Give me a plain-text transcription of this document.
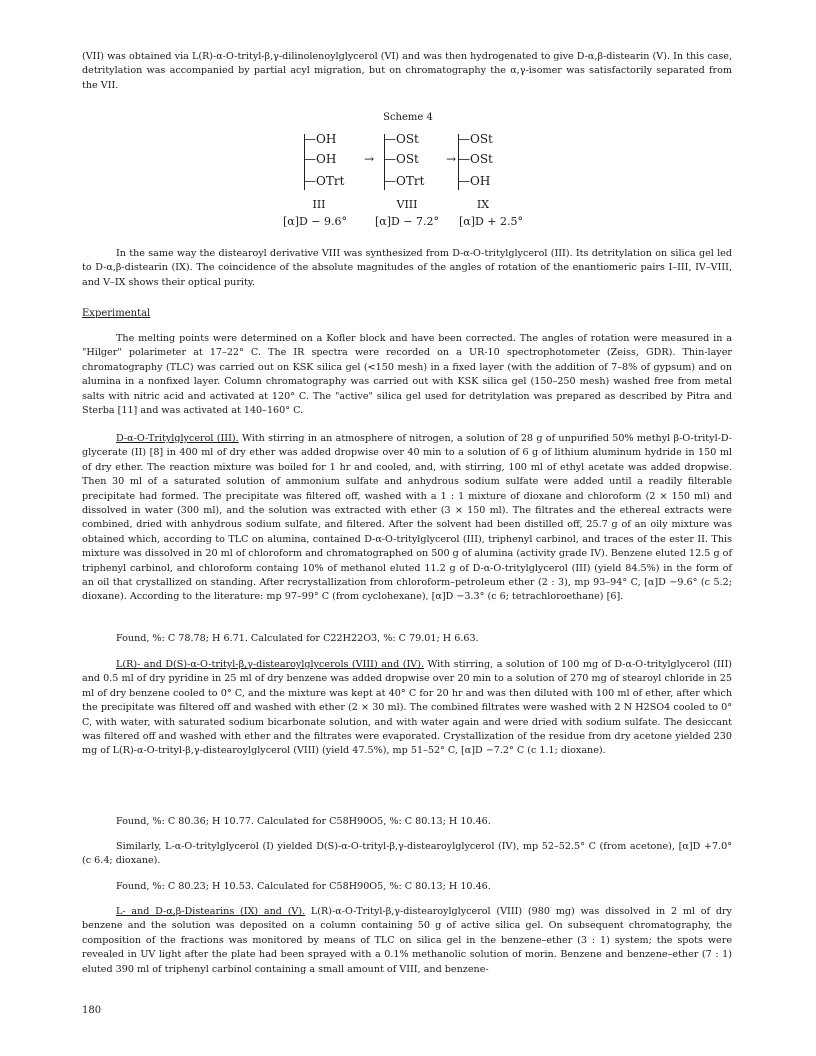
(VII) was obtained via L(R)-α-O-trityl-β,γ-dilinolenoylglycerol (VI) and was then hydrogenated to give D-α,β-distearin (V). In this case, detritylation was accompanied by partial acyl migration, but on chromatography the α,γ-isomer was satisfactorily separated from the VII.

Scheme 4
—OH
—OH
—OTrt
→
—OSt
—OSt
—OTrt
→
—OSt
—OSt
—OH
III	VIII	IX
[α]D − 9.6°	[α]D − 7.2°	[α]D + 2.5°

In the same way the distearoyl derivative VIII was synthesized from D-α-O-tritylglycerol (III). Its detritylation on silica gel led to D-α,β-distearin (IX). The coincidence of the absolute magnitudes of the angles of rotation of the enantiomeric pairs I–III, IV–VIII, and V–IX shows their optical purity.

Experimental

The melting points were determined on a Kofler block and have been corrected. The angles of rotation were measured in a "Hilger" polarimeter at 17–22° C. The IR spectra were recorded on a UR-10 spectrophotometer (Zeiss, GDR). Thin-layer chromatography (TLC) was carried out on KSK silica gel (<150 mesh) in a fixed layer (with the addition of 7–8% of gypsum) and on alumina in a nonfixed layer. Column chromatography was carried out with KSK silica gel (150–250 mesh) washed free from metal salts with nitric acid and activated at 120° C. The "active" silica gel used for detritylation was prepared as described by Pitra and Sterba [11] and was activated at 140–160° C.

D-α-O-Tritylglycerol (III). With stirring in an atmosphere of nitrogen, a solution of 28 g of unpurified 50% methyl β-O-trityl-D-glycerate (II) [8] in 400 ml of dry ether was added dropwise over 40 min to a solution of 6 g of lithium aluminum hydride in 150 ml of dry ether. The reaction mixture was boiled for 1 hr and cooled, and, with stirring, 100 ml of ethyl acetate was added dropwise. Then 30 ml of a saturated solution of ammonium sulfate and anhydrous sodium sulfate were added until a readily filterable precipitate had formed. The precipitate was filtered off, washed with a 1 : 1 mixture of dioxane and chloroform (2 × 150 ml) and dissolved in water (300 ml), and the solution was extracted with ether (3 × 150 ml). The filtrates and the ethereal extracts were combined, dried with anhydrous sodium sulfate, and filtered. After the solvent had been distilled off, 25.7 g of an oily mixture was obtained which, according to TLC on alumina, contained D-α-O-tritylglycerol (III), triphenyl carbinol, and traces of the ester II. This mixture was dissolved in 20 ml of chloroform and chromatographed on 500 g of alumina (activity grade IV). Benzene eluted 12.5 g of triphenyl carbinol, and chloroform containg 10% of methanol eluted 11.2 g of D-α-O-tritylglycerol (III) (yield 84.5%) in the form of an oil that crystallized on standing. After recrystallization from chloroform–petroleum ether (2 : 3), mp 93–94° C, [α]D −9.6° (c 5.2; dioxane). According to the literature: mp 97–99° C (from cyclohexane), [α]D −3.3° (c 6; tetrachloroethane) [6].

Found, %: C 78.78; H 6.71. Calculated for C22H22O3, %: C 79.01; H 6.63.

L(R)- and D(S)-α-O-trityl-β,γ-distearoylglycerols (VIII) and (IV). With stirring, a solution of 100 mg of D-α-O-tritylglycerol (III) and 0.5 ml of dry pyridine in 25 ml of dry benzene was added dropwise over 20 min to a solution of 270 mg of stearoyl chloride in 25 ml of dry benzene cooled to 0° C, and the mixture was kept at 40° C for 20 hr and was then diluted with 100 ml of ether, after which the precipitate was filtered off and washed with ether (2 × 30 ml). The combined filtrates were washed with 2 N H2SO4 cooled to 0° C, with water, with saturated sodium bicarbonate solution, and with water again and were dried with sodium sulfate. The desiccant was filtered off and washed with ether and the filtrates were evaporated. Crystallization of the residue from dry acetone yielded 230 mg of L(R)-α-O-trityl-β,γ-distearoylglycerol (VIII) (yield 47.5%), mp 51–52° C, [α]D −7.2° C (c 1.1; dioxane).

Found, %: C 80.36; H 10.77. Calculated for C58H90O5, %: C 80.13; H 10.46.

Similarly, L-α-O-tritylglycerol (I) yielded D(S)-α-O-trityl-β,γ-distearoylglycerol (IV), mp 52–52.5° C (from acetone), [α]D +7.0° (c 6.4; dioxane).

Found, %: C 80.23; H 10.53. Calculated for C58H90O5, %: C 80.13; H 10.46.

L- and D-α,β-Distearins (IX) and (V). L(R)-α-O-Trityl-β,γ-distearoylglycerol (VIII) (980 mg) was dissolved in 2 ml of dry benzene and the solution was deposited on a column containing 50 g of active silica gel. On subsequent chromatography, the composition of the fractions was monitored by means of TLC on silica gel in the benzene–ether (3 : 1) system; the spots were revealed in UV light after the plate had been sprayed with a 0.1% methanolic solution of morin. Benzene and benzene–ether (7 : 1) eluted 390 ml of triphenyl carbinol containing a small amount of VIII, and benzene-

180
